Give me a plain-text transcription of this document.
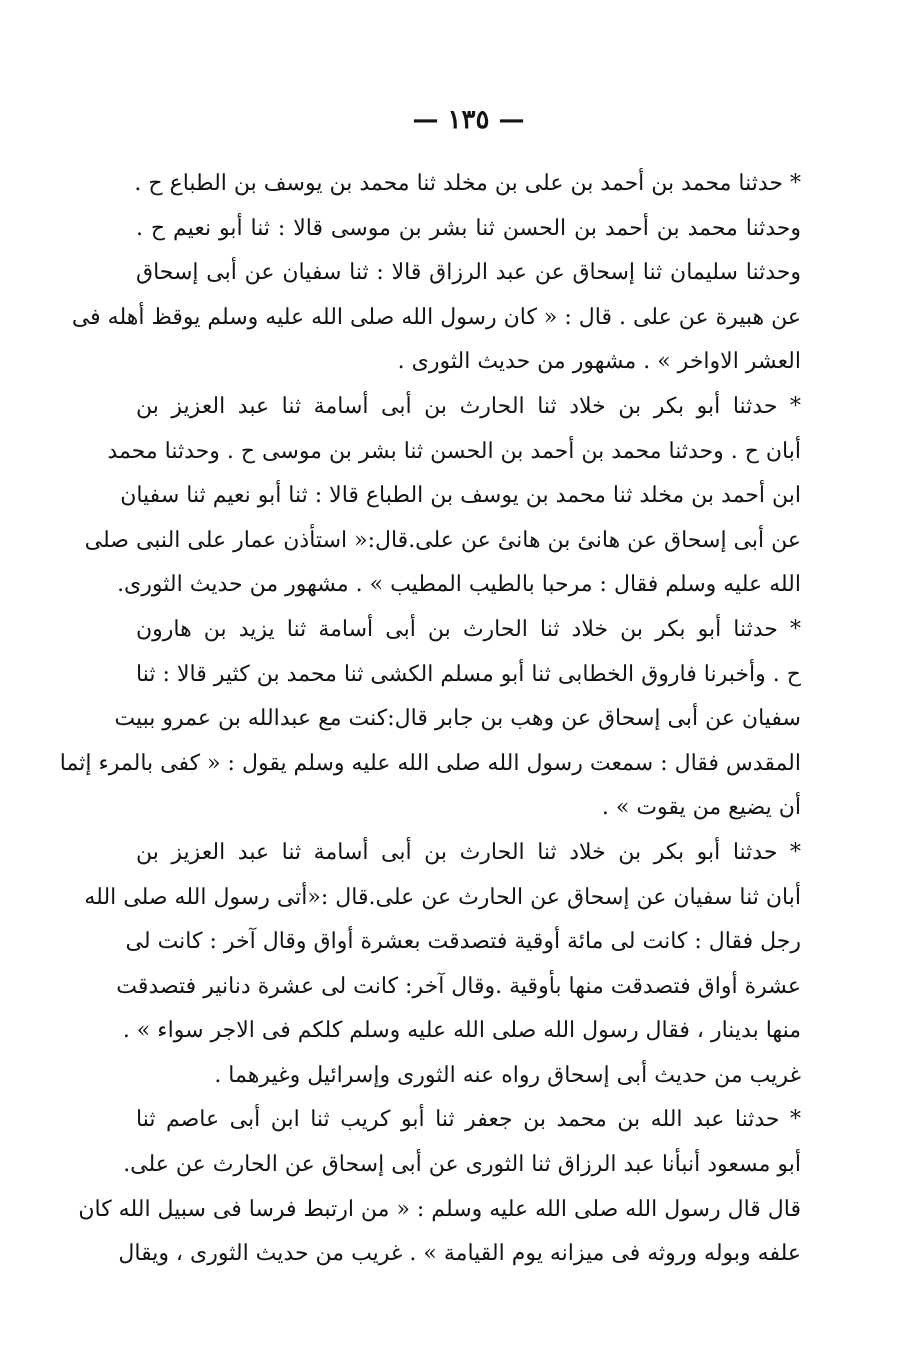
— ١٣٥ —
* حدثنا محمد بن أحمد بن على بن مخلد ثنا محمد بن يوسف بن الطباع ح .
وحدثنا محمد بن أحمد بن الحسن ثنا بشر بن موسى قالا : ثنا أبو نعيم ح .
وحدثنا سليمان ثنا إسحاق عن عبد الرزاق قالا : ثنا سفيان عن أبى إسحاق
عن هبيرة عن على . قال : « كان رسول الله صلى الله عليه وسلم يوقظ أهله فى
العشر الاواخر » . مشهور من حديث الثورى .
* حدثنا أبو بكر بن خلاد ثنا الحارث بن أبى أسامة ثنا عبد العزيز بن
أبان ح . وحدثنا محمد بن أحمد بن الحسن ثنا بشر بن موسى ح . وحدثنا محمد
ابن أحمد بن مخلد ثنا محمد بن يوسف بن الطباع قالا : ثنا أبو نعيم ثنا سفيان
عن أبى إسحاق عن هانئ بن هانئ عن على.قال:« استأذن عمار على النبى صلى
الله عليه وسلم فقال : مرحبا بالطيب المطيب » . مشهور من حديث الثورى.
* حدثنا أبو بكر بن خلاد ثنا الحارث بن أبى أسامة ثنا يزيد بن هارون
ح . وأخبرنا فاروق الخطابى ثنا أبو مسلم الكشى ثنا محمد بن كثير قالا : ثنا
سفيان عن أبى إسحاق عن وهب بن جابر قال:كنت مع عبدالله بن عمرو ببيت
المقدس فقال : سمعت رسول الله صلى الله عليه وسلم يقول : « كفى بالمرء إثما
أن يضيع من يقوت » .
* حدثنا أبو بكر بن خلاد ثنا الحارث بن أبى أسامة ثنا عبد العزيز بن
أبان ثنا سفيان عن إسحاق عن الحارث عن على.قال :«أتى رسول الله صلى الله
رجل فقال : كانت لى مائة أوقية فتصدقت بعشرة أواق وقال آخر : كانت لى
عشرة أواق فتصدقت منها بأوقية .وقال آخر: كانت لى عشرة دنانير فتصدقت
منها بدينار ، فقال رسول الله صلى الله عليه وسلم كلكم فى الاجر سواء » .
غريب من حديث أبى إسحاق رواه عنه الثورى وإسرائيل وغيرهما .
* حدثنا عبد الله بن محمد بن جعفر ثنا أبو كريب ثنا ابن أبى عاصم ثنا
أبو مسعود أنبأنا عبد الرزاق ثنا الثورى عن أبى إسحاق عن الحارث عن على.
قال قال رسول الله صلى الله عليه وسلم : « من ارتبط فرسا فى سبيل الله كان
علفه وبوله وروثه فى ميزانه يوم القيامة » . غريب من حديث الثورى ، ويقال
